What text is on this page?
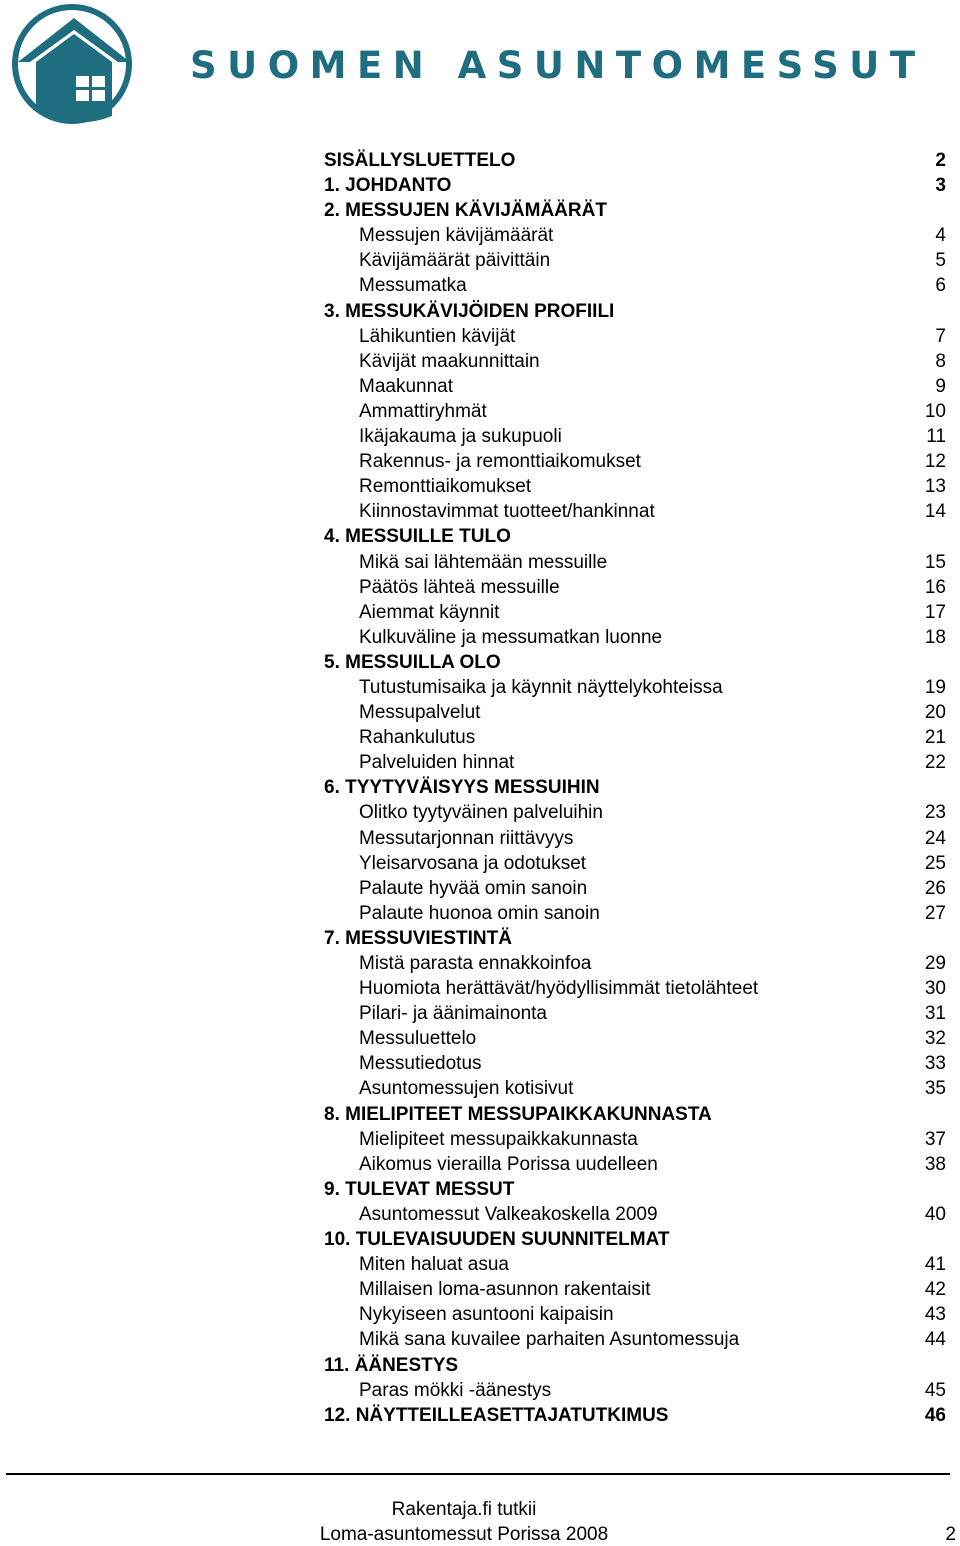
SUOMEN ASUNTOMESSUT
SISÄLLYSLUETTELO	2
1. JOHDANTO	3
2. MESSUJEN KÄVIJÄMÄÄRÄT
Messujen kävijämäärät	4
Kävijämäärät päivittäin	5
Messumatka	6
3. MESSUKÄVIJÖIDEN PROFIILI
Lähikuntien kävijät	7
Kävijät maakunnittain	8
Maakunnat	9
Ammattiryhmät	10
Ikäjakauma ja sukupuoli	11
Rakennus- ja remonttiaikomukset	12
Remonttiaikomukset	13
Kiinnostavimmat tuotteet/hankinnat	14
4. MESSUILLE TULO
Mikä sai lähtemään messuille	15
Päätös lähteä messuille	16
Aiemmat käynnit	17
Kulkuväline ja messumatkan luonne	18
5. MESSUILLA OLO
Tutustumisaika ja käynnit näyttelykohteissa	19
Messupalvelut	20
Rahankulutus	21
Palveluiden hinnat	22
6. TYYTYVÄISYYS MESSUIHIN
Olitko tyytyväinen palveluihin	23
Messutarjonnan riittävyys	24
Yleisarvosana ja odotukset	25
Palaute hyvää omin sanoin	26
Palaute huonoa omin sanoin	27
7. MESSUVIESTINTÄ
Mistä parasta ennakkoinfoa	29
Huomiota herättävät/hyödyllisimmät tietolähteet	30
Pilari- ja äänimainonta	31
Messuluettelo	32
Messutiedotus	33
Asuntomessujen kotisivut	35
8. MIELIPITEET MESSUPAIKKAKUNNASTA
Mielipiteet messupaikkakunnasta	37
Aikomus vierailla Porissa uudelleen	38
9. TULEVAT MESSUT
Asuntomessut Valkeakoskella 2009	40
10. TULEVAISUUDEN SUUNNITELMAT
Miten haluat asua	41
Millaisen loma-asunnon rakentaisit	42
Nykyiseen asuntooni kaipaisin	43
Mikä sana kuvailee parhaiten Asuntomessuja	44
11. ÄÄNESTYS
Paras mökki -äänestys	45
12. NÄYTTEILLEASETTAJATUTKIMUS	46
Rakentaja.fi tutkii
Loma-asuntomessut Porissa 2008	2
